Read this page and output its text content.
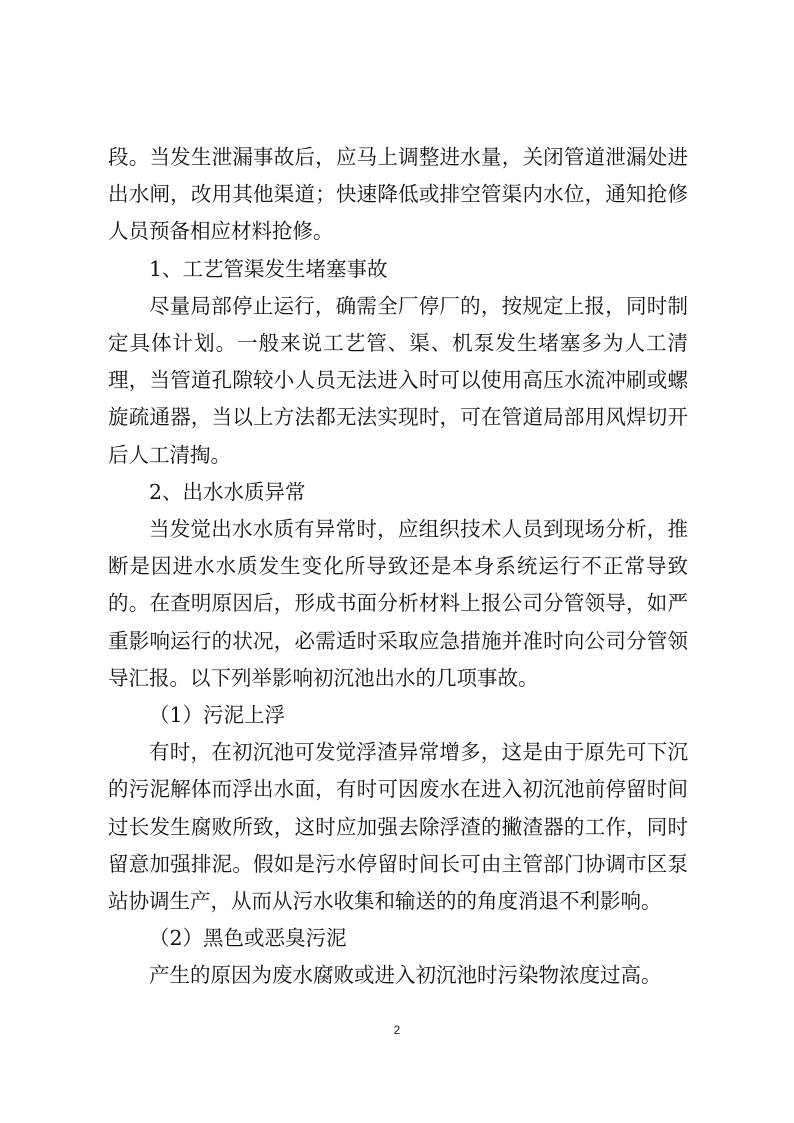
段。当发生泄漏事故后，应马上调整进水量，关闭管道泄漏处进出水闸，改用其他渠道；快速降低或排空管渠内水位，通知抢修人员预备相应材料抢修。

1、工艺管渠发生堵塞事故

尽量局部停止运行，确需全厂停厂的，按规定上报，同时制定具体计划。一般来说工艺管、渠、机泵发生堵塞多为人工清理，当管道孔隙较小人员无法进入时可以使用高压水流冲刷或螺旋疏通器，当以上方法都无法实现时，可在管道局部用风焊切开后人工清掏。

2、出水水质异常

当发觉出水水质有异常时，应组织技术人员到现场分析，推断是因进水水质发生变化所导致还是本身系统运行不正常导致的。在查明原因后，形成书面分析材料上报公司分管领导，如严重影响运行的状况，必需适时采取应急措施并准时向公司分管领导汇报。以下列举影响初沉池出水的几项事故。

（1）污泥上浮

有时，在初沉池可发觉浮渣异常增多，这是由于原先可下沉的污泥解体而浮出水面，有时可因废水在进入初沉池前停留时间过长发生腐败所致，这时应加强去除浮渣的撇渣器的工作，同时留意加强排泥。假如是污水停留时间长可由主管部门协调市区泵站协调生产，从而从污水收集和输送的的角度消退不利影响。

（2）黑色或恶臭污泥

产生的原因为废水腐败或进入初沉池时污染物浓度过高。

2
